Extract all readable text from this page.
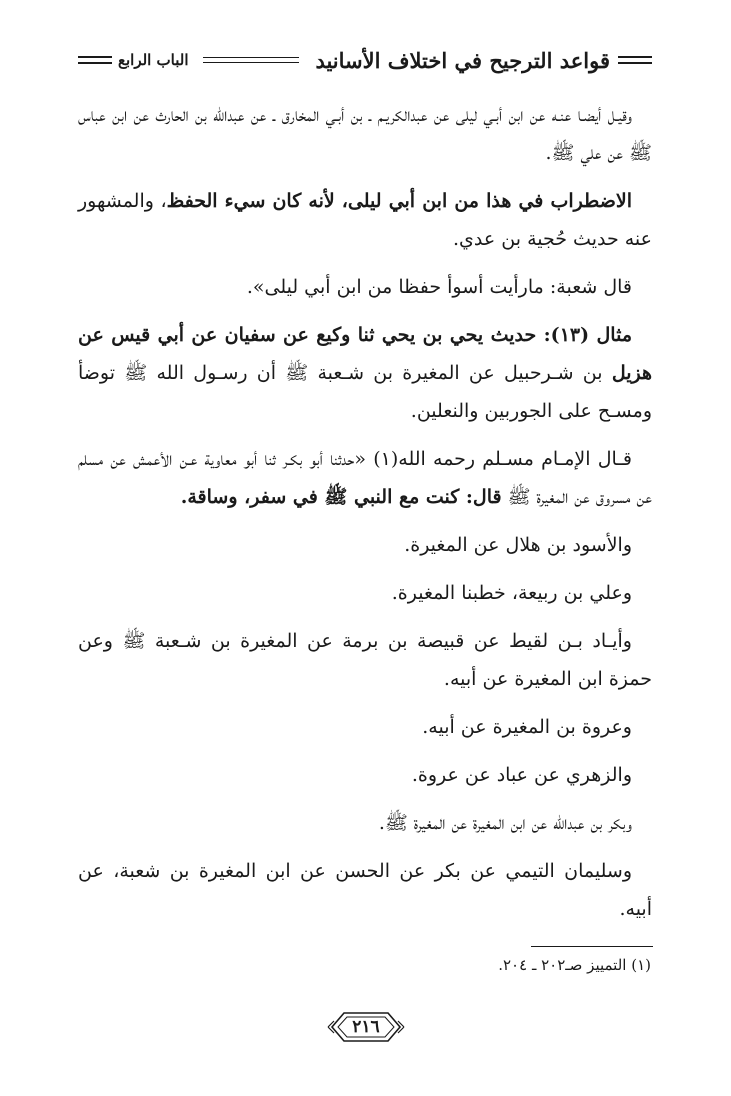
قواعد الترجيح في اختلاف الأسانيد
الباب الرابع

وقيـل أيضـا عنـه عن ابن أبـي ليلى عن عبدالكريـم ـ بن أبـي المخارق ـ عن عبدالله بن الحارث عن ابن عباس ﷺ عن علي ﷺ.

الاضطراب في هذا من ابن أبي ليلى، لأنه كان سيء الحفظ، والمشهور عنه حديث حُجية بن عدي.

قال شعبة: مارأيت أسوأ حفظا من ابن أبي ليلى».

مثال (١٣): حديث يحي بن يحي ثنا وكيع عن سفيان عن أبي قيس عن هزيل بن شـرحبيل عن المغيرة بن شـعبة ﷺ أن رسـول الله ﷺ توضأ ومسـح على الجوربين والنعلين.

قـال الإمـام مسـلم رحمه الله(١) «حدثنا أبو بكـر ثنا أبو معاوية عـن الأعمش عن مسلم عن مسروق عن المغيرة ﷺ قال: كنت مع النبي ﷺ في سفر، وساقة.

والأسود بن هلال عن المغيرة.

وعلي بن ربيعة، خطبنا المغيرة.

وأيـاد بـن لقيط عن قبيصة بن برمة عن المغيرة بن شـعبة ﷺ وعن حمزة ابن المغيرة عن أبيه.

وعروة بن المغيرة عن أبيه.

والزهري عن عباد عن عروة.

وبكر بن عبدالله عن ابن المغيرة عن المغيرة ﷺ.

وسليمان التيمي عن بكر عن الحسن عن ابن المغيرة بن شعبة، عن أبيه.

(١) التمييز صـ٢٠٢ ـ ٢٠٤.
٢١٦
